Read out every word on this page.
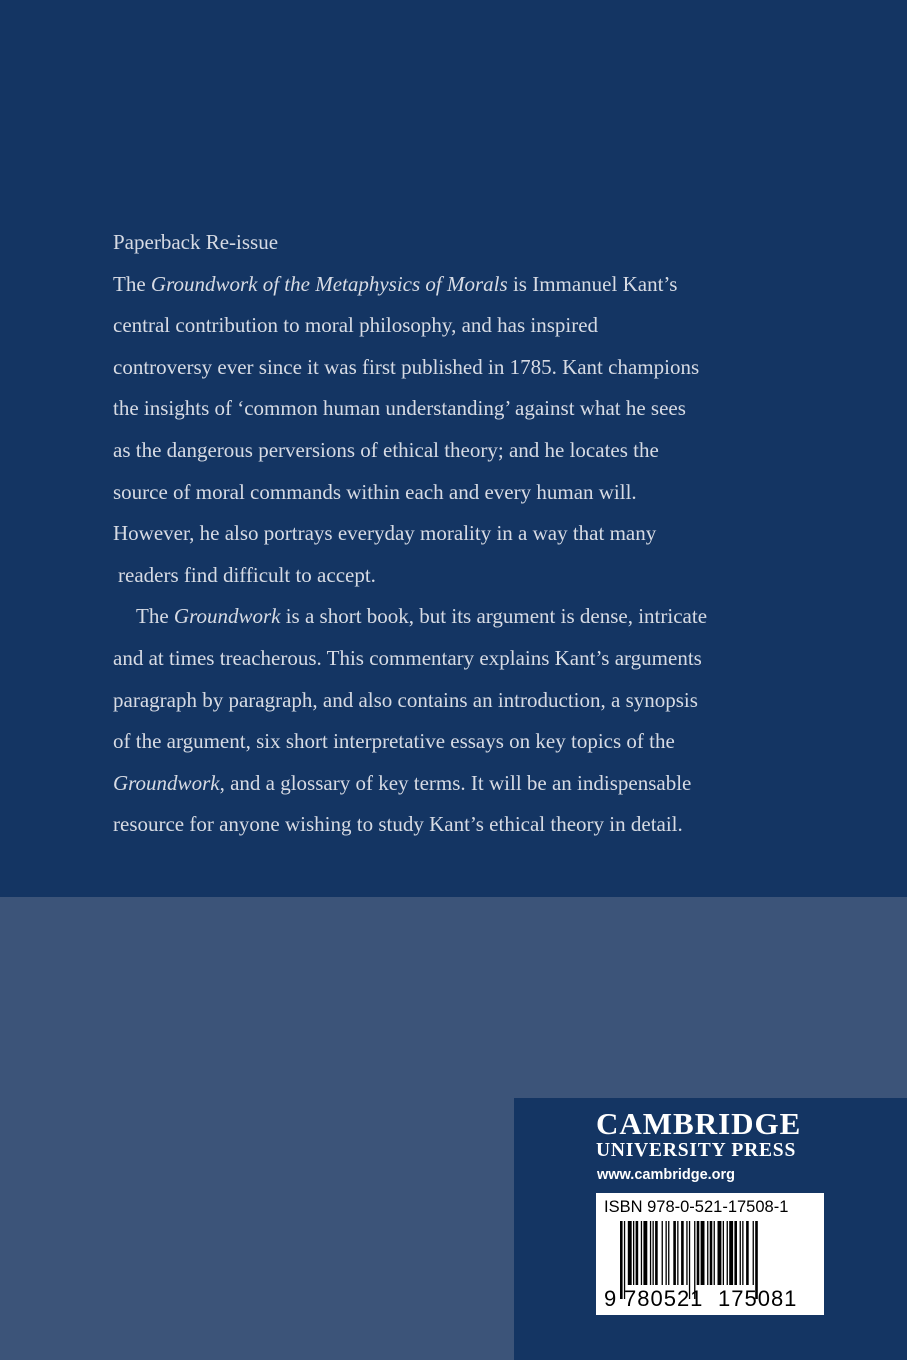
Paperback Re-issue

The Groundwork of the Metaphysics of Morals is Immanuel Kant’s
central contribution to moral philosophy, and has inspired
controversy ever since it was first published in 1785. Kant champions
the insights of ‘common human understanding’ against what he sees
as the dangerous perversions of ethical theory; and he locates the
source of moral commands within each and every human will.
However, he also portrays everyday morality in a way that many
readers find difficult to accept.

The Groundwork is a short book, but its argument is dense, intricate
and at times treacherous. This commentary explains Kant’s arguments
paragraph by paragraph, and also contains an introduction, a synopsis
of the argument, six short interpretative essays on key topics of the
Groundwork, and a glossary of key terms. It will be an indispensable
resource for anyone wishing to study Kant’s ethical theory in detail.

CAMBRIDGE
UNIVERSITY PRESS
www.cambridge.org
ISBN 978-0-521-17508-1
9 780521 175081
